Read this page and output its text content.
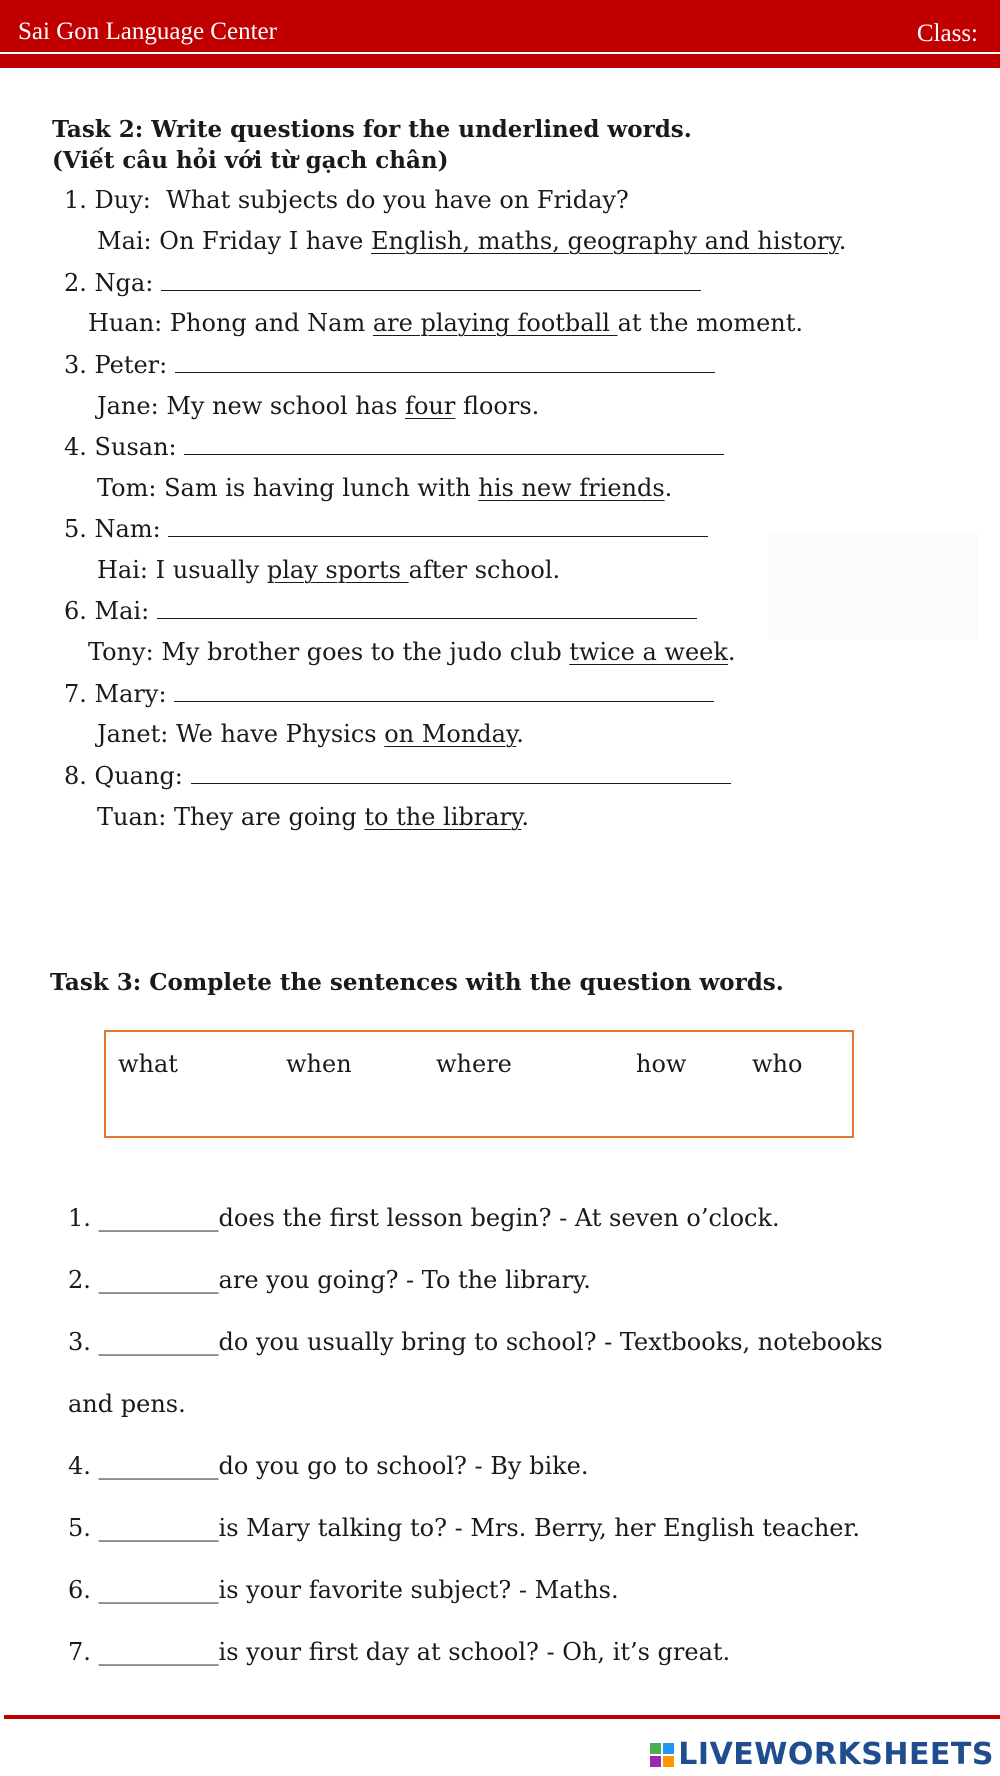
Sai Gon Language Center	Class:
Task 2: Write questions for the underlined words.
(Viết câu hỏi với từ gạch chân)
1. Duy: What subjects do you have on Friday?
Mai: On Friday I have English, maths, geography and history.
2. Nga:
Huan: Phong and Nam are playing football at the moment.
3. Peter:
Jane: My new school has four floors.
4. Susan:
Tom: Sam is having lunch with his new friends.
5. Nam:
Hai: I usually play sports after school.
6. Mai:
Tony: My brother goes to the judo club twice a week.
7. Mary:
Janet: We have Physics on Monday.
8. Quang:
Tuan: They are going to the library.
Task 3: Complete the sentences with the question words.
what	when	where	how	who
1. __________does the first lesson begin? - At seven o’clock.
2. __________are you going? - To the library.
3. __________do you usually bring to school? - Textbooks, notebooks
and pens.
4. __________do you go to school? - By bike.
5. __________is Mary talking to? - Mrs. Berry, her English teacher.
6. __________is your favorite subject? - Maths.
7. __________is your first day at school? - Oh, it’s great.
LIVEWORKSHEETS
